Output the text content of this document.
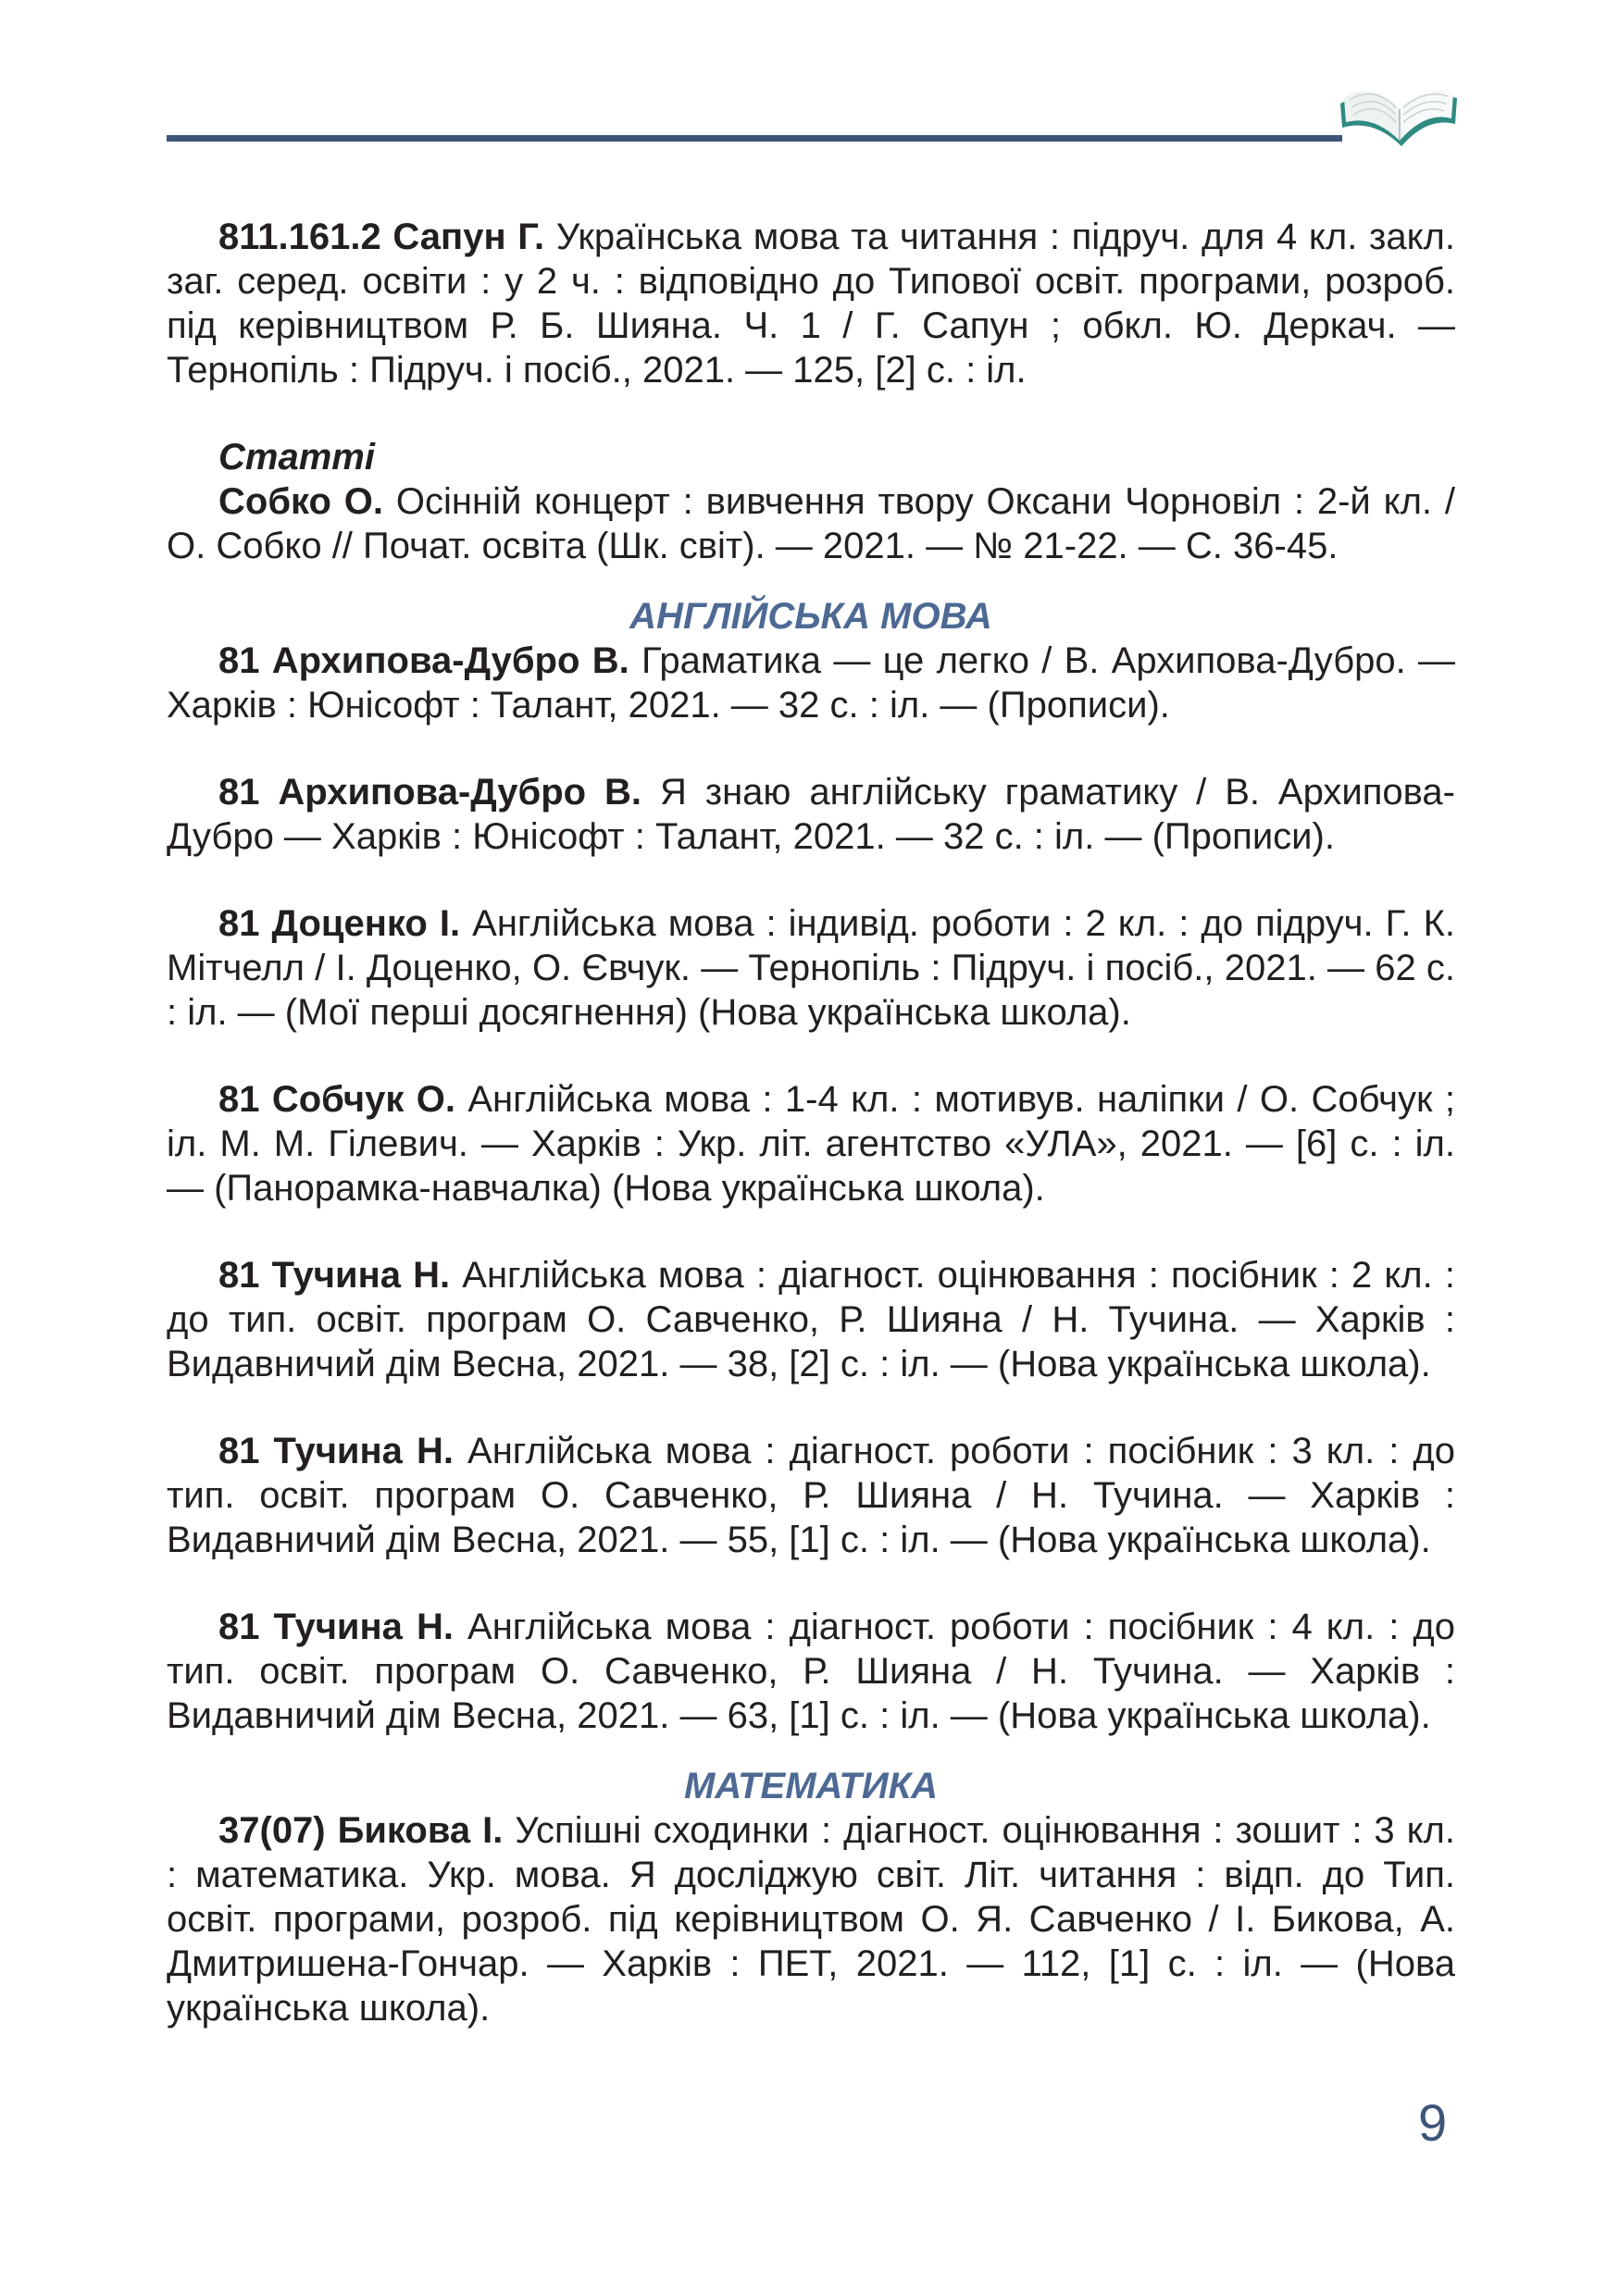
811.161.2 Сапун Г. Українська мова та читання : підруч. для 4 кл. закл. заг. серед. освіти : у 2 ч. : відповідно до Типової освіт. програми, розроб. під керівництвом Р. Б. Шияна. Ч. 1 / Г. Сапун ; обкл. Ю. Деркач. — Тернопіль : Підруч. і посіб., 2021. — 125, [2] с. : іл.

Статті

Собко О. Осінній концерт : вивчення твору Оксани Чорновіл : 2-й кл. / О. Собко // Почат. освіта (Шк. світ). — 2021. — № 21-22. — С. 36-45.

АНГЛІЙСЬКА МОВА

81 Архипова-Дубро В. Граматика — це легко / В. Архипова-Дубро. — Харків : Юнісофт : Талант, 2021. — 32 с. : іл. — (Прописи).

81 Архипова-Дубро В. Я знаю англійську граматику / В. Архипова-Дубро — Харків : Юнісофт : Талант, 2021. — 32 с. : іл. — (Прописи).

81 Доценко І. Англійська мова : індивід. роботи : 2 кл. : до підруч. Г. К. Мітчелл / І. Доценко, О. Євчук. — Тернопіль : Підруч. і посіб., 2021. — 62 с. : іл. — (Мої перші досягнення) (Нова українська школа).

81 Собчук О. Англійська мова : 1-4 кл. : мотивув. наліпки / О. Собчук ; іл. М. М. Гілевич. — Харків : Укр. літ. агентство «УЛА», 2021. — [6] с. : іл. — (Панорамка-навчалка) (Нова українська школа).

81 Тучина Н. Англійська мова : діагност. оцінювання : посібник : 2 кл. : до тип. освіт. програм О. Савченко, Р. Шияна / Н. Тучина. — Харків : Видавничий дім Весна, 2021. — 38, [2] с. : іл. — (Нова українська школа).

81 Тучина Н. Англійська мова : діагност. роботи : посібник : 3 кл. : до тип. освіт. програм О. Савченко, Р. Шияна / Н. Тучина. — Харків : Видавничий дім Весна, 2021. — 55, [1] с. : іл. — (Нова українська школа).

81 Тучина Н. Англійська мова : діагност. роботи : посібник : 4 кл. : до тип. освіт. програм О. Савченко, Р. Шияна / Н. Тучина. — Харків : Видавничий дім Весна, 2021. — 63, [1] с. : іл. — (Нова українська школа).

МАТЕМАТИКА

37(07) Бикова І. Успішні сходинки : діагност. оцінювання : зошит : 3 кл. : математика. Укр. мова. Я досліджую світ. Літ. читання : відп. до Тип. освіт. програми, розроб. під керівництвом О. Я. Савченко / І. Бикова, А. Дмитришена-Гончар. — Харків : ПЕТ, 2021. — 112, [1] с. : іл. — (Нова українська школа).

9
